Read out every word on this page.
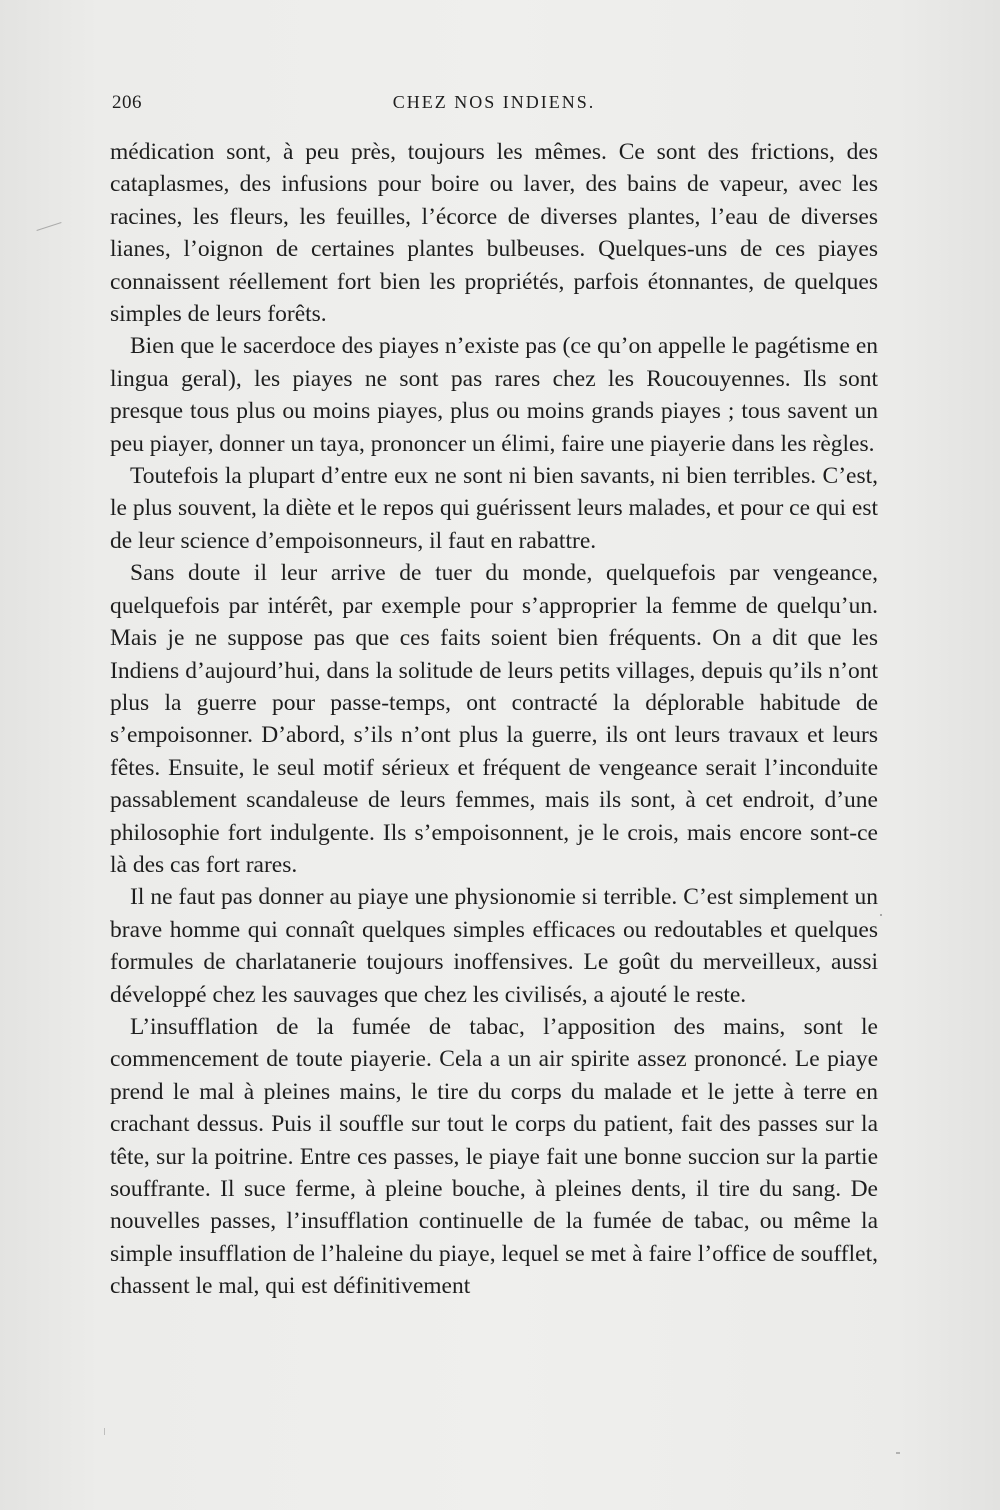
206	CHEZ NOS INDIENS.

médication sont, à peu près, toujours les mêmes. Ce sont des frictions, des cataplasmes, des infusions pour boire ou laver, des bains de vapeur, avec les racines, les fleurs, les feuilles, l’écorce de diverses plantes, l’eau de diverses lianes, l’oignon de certaines plantes bulbeuses. Quelques-uns de ces piayes connaissent réellement fort bien les propriétés, parfois étonnantes, de quelques simples de leurs forêts.

Bien que le sacerdoce des piayes n’existe pas (ce qu’on appelle le pagétisme en lingua geral), les piayes ne sont pas rares chez les Roucouyennes. Ils sont presque tous plus ou moins piayes, plus ou moins grands piayes ; tous savent un peu piayer, donner un taya, prononcer un élimi, faire une piayerie dans les règles.

Toutefois la plupart d’entre eux ne sont ni bien savants, ni bien terribles. C’est, le plus souvent, la diète et le repos qui guérissent leurs malades, et pour ce qui est de leur science d’empoisonneurs, il faut en rabattre.

Sans doute il leur arrive de tuer du monde, quelquefois par vengeance, quelquefois par intérêt, par exemple pour s’approprier la femme de quelqu’un. Mais je ne suppose pas que ces faits soient bien fréquents. On a dit que les Indiens d’aujourd’hui, dans la solitude de leurs petits villages, depuis qu’ils n’ont plus la guerre pour passe-temps, ont contracté la déplorable habitude de s’empoisonner. D’abord, s’ils n’ont plus la guerre, ils ont leurs travaux et leurs fêtes. Ensuite, le seul motif sérieux et fréquent de vengeance serait l’inconduite passablement scandaleuse de leurs femmes, mais ils sont, à cet endroit, d’une philosophie fort indulgente. Ils s’empoisonnent, je le crois, mais encore sont-ce là des cas fort rares.

Il ne faut pas donner au piaye une physionomie si terrible. C’est simplement un brave homme qui connaît quelques simples efficaces ou redoutables et quelques formules de charlatanerie toujours inoffensives. Le goût du merveilleux, aussi développé chez les sauvages que chez les civilisés, a ajouté le reste.

L’insufflation de la fumée de tabac, l’apposition des mains, sont le commencement de toute piayerie. Cela a un air spirite assez prononcé. Le piaye prend le mal à pleines mains, le tire du corps du malade et le jette à terre en crachant dessus. Puis il souffle sur tout le corps du patient, fait des passes sur la tête, sur la poitrine. Entre ces passes, le piaye fait une bonne succion sur la partie souffrante. Il suce ferme, à pleine bouche, à pleines dents, il tire du sang. De nouvelles passes, l’insufflation continuelle de la fumée de tabac, ou même la simple insufflation de l’haleine du piaye, lequel se met à faire l’office de soufflet, chassent le mal, qui est définitivement
